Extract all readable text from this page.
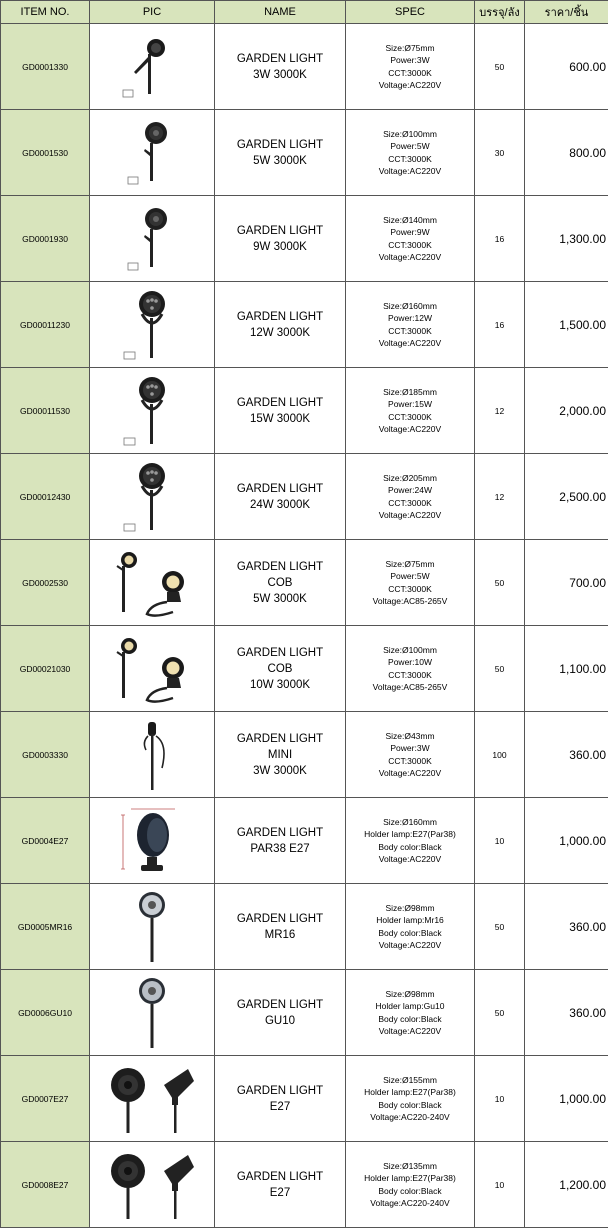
ITEM NO.	PIC	NAME	SPEC	บรรจุ/ลัง	ราคา/ชิ้น
GD0001330		GARDEN LIGHT
3W 3000K	Size:Ø75mm
Power:3W
CCT:3000K
Voltage:AC220V	50	600.00
GD0001530		GARDEN LIGHT
5W 3000K	Size:Ø100mm
Power:5W
CCT:3000K
Voltage:AC220V	30	800.00
GD0001930		GARDEN LIGHT
9W 3000K	Size:Ø140mm
Power:9W
CCT:3000K
Voltage:AC220V	16	1,300.00
GD00011230		GARDEN LIGHT
12W 3000K	Size:Ø160mm
Power:12W
CCT:3000K
Voltage:AC220V	16	1,500.00
GD00011530		GARDEN LIGHT
15W 3000K	Size:Ø185mm
Power:15W
CCT:3000K
Voltage:AC220V	12	2,000.00
GD00012430		GARDEN LIGHT
24W 3000K	Size:Ø205mm
Power:24W
CCT:3000K
Voltage:AC220V	12	2,500.00
GD0002530		GARDEN LIGHT
COB
5W 3000K	Size:Ø75mm
Power:5W
CCT:3000K
Voltage:AC85-265V	50	700.00
GD00021030		GARDEN LIGHT
COB
10W 3000K	Size:Ø100mm
Power:10W
CCT:3000K
Voltage:AC85-265V	50	1,100.00
GD0003330		GARDEN LIGHT
MINI
3W 3000K	Size:Ø43mm
Power:3W
CCT:3000K
Voltage:AC220V	100	360.00
GD0004E27		GARDEN LIGHT
PAR38 E27	Size:Ø160mm
Holder lamp:E27(Par38)
Body color:Black
Voltage:AC220V	10	1,000.00
GD0005MR16		GARDEN LIGHT
MR16	Size:Ø98mm
Holder lamp:Mr16
Body color:Black
Voltage:AC220V	50	360.00
GD0006GU10		GARDEN LIGHT
GU10	Size:Ø98mm
Holder lamp:Gu10
Body color:Black
Voltage:AC220V	50	360.00
GD0007E27		GARDEN LIGHT
E27	Size:Ø155mm
Holder lamp:E27(Par38)
Body color:Black
Voltage:AC220-240V	10	1,000.00
GD0008E27		GARDEN LIGHT
E27	Size:Ø135mm
Holder lamp:E27(Par38)
Body color:Black
Voltage:AC220-240V	10	1,200.00
